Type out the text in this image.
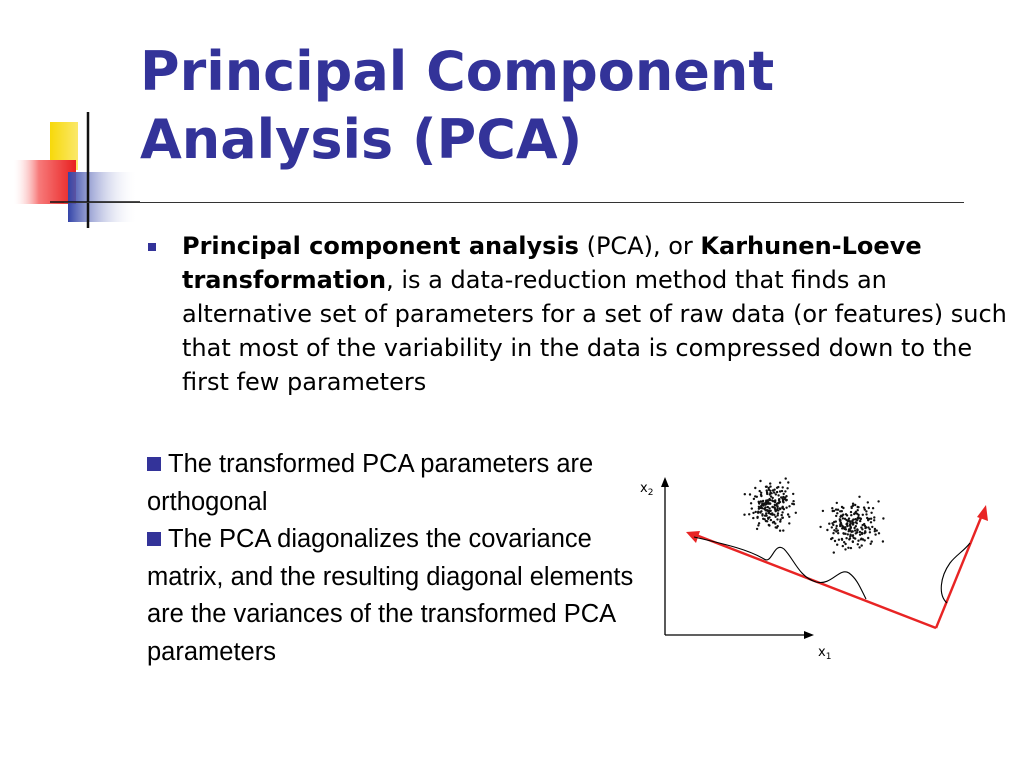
Principal Component
Analysis (PCA)
Principal component analysis (PCA), or Karhunen-Loeve transformation, is a data-reduction method that finds an alternative set of parameters for a set of raw data (or features) such that most of the variability in the data is compressed down to the first few parameters
The transformed PCA parameters are orthogonal
The PCA diagonalizes the covariance matrix, and the resulting diagonal elements are the variances of the transformed PCA parameters
$x_2$
$x_1$
